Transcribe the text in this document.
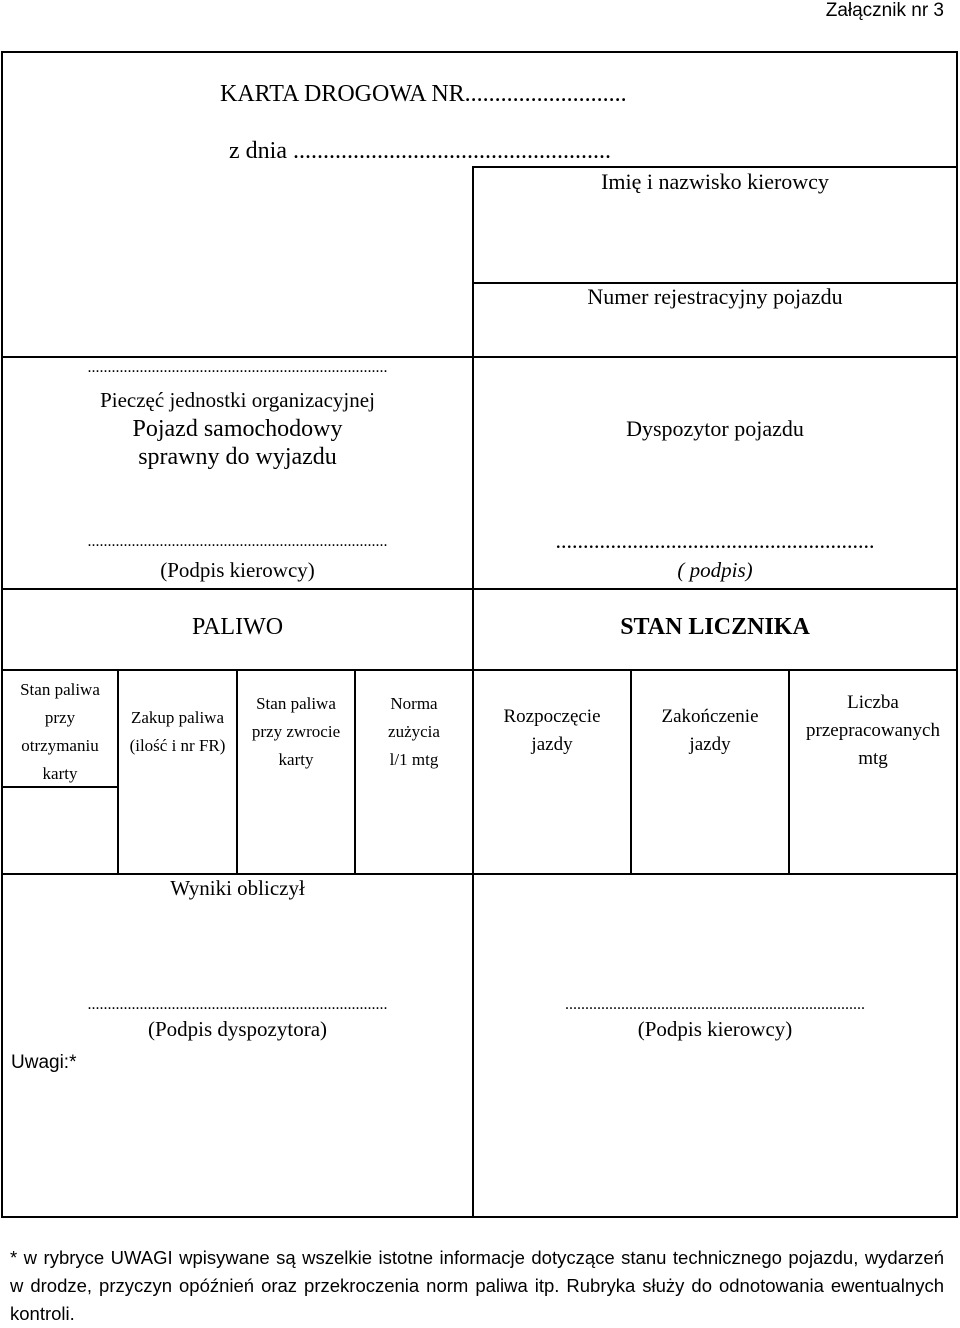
Załącznik nr 3
KARTA DROGOWA NR...........................
z dnia .....................................................
Imię i nazwisko kierowcy
Numer rejestracyjny pojazdu
...........................................................................
Pieczęć jednostki organizacyjnej
Pojazd samochodowy
sprawny do wyjazdu
Dyspozytor pojazdu
...........................................................................
(Podpis kierowcy)
..........................................................
( podpis)
PALIWO	STAN LICZNIKA
Stan paliwa
przy
otrzymaniu
karty
Zakup paliwa
(ilość i nr FR)
Stan paliwa
przy zwrocie
karty
Norma
zużycia
l/1 mtg
Rozpoczęcie
jazdy
Zakończenie
jazdy
Liczba
przepracowanych
mtg
Wyniki obliczył
...........................................................................
(Podpis dyspozytora)
...........................................................................
(Podpis kierowcy)
Uwagi:*
* w rybryce UWAGI wpisywane są wszelkie istotne informacje dotyczące stanu technicznego pojazdu, wydarzeń w drodze, przyczyn opóźnień oraz przekroczenia norm paliwa itp. Rubryka służy do odnotowania ewentualnych kontroli.
